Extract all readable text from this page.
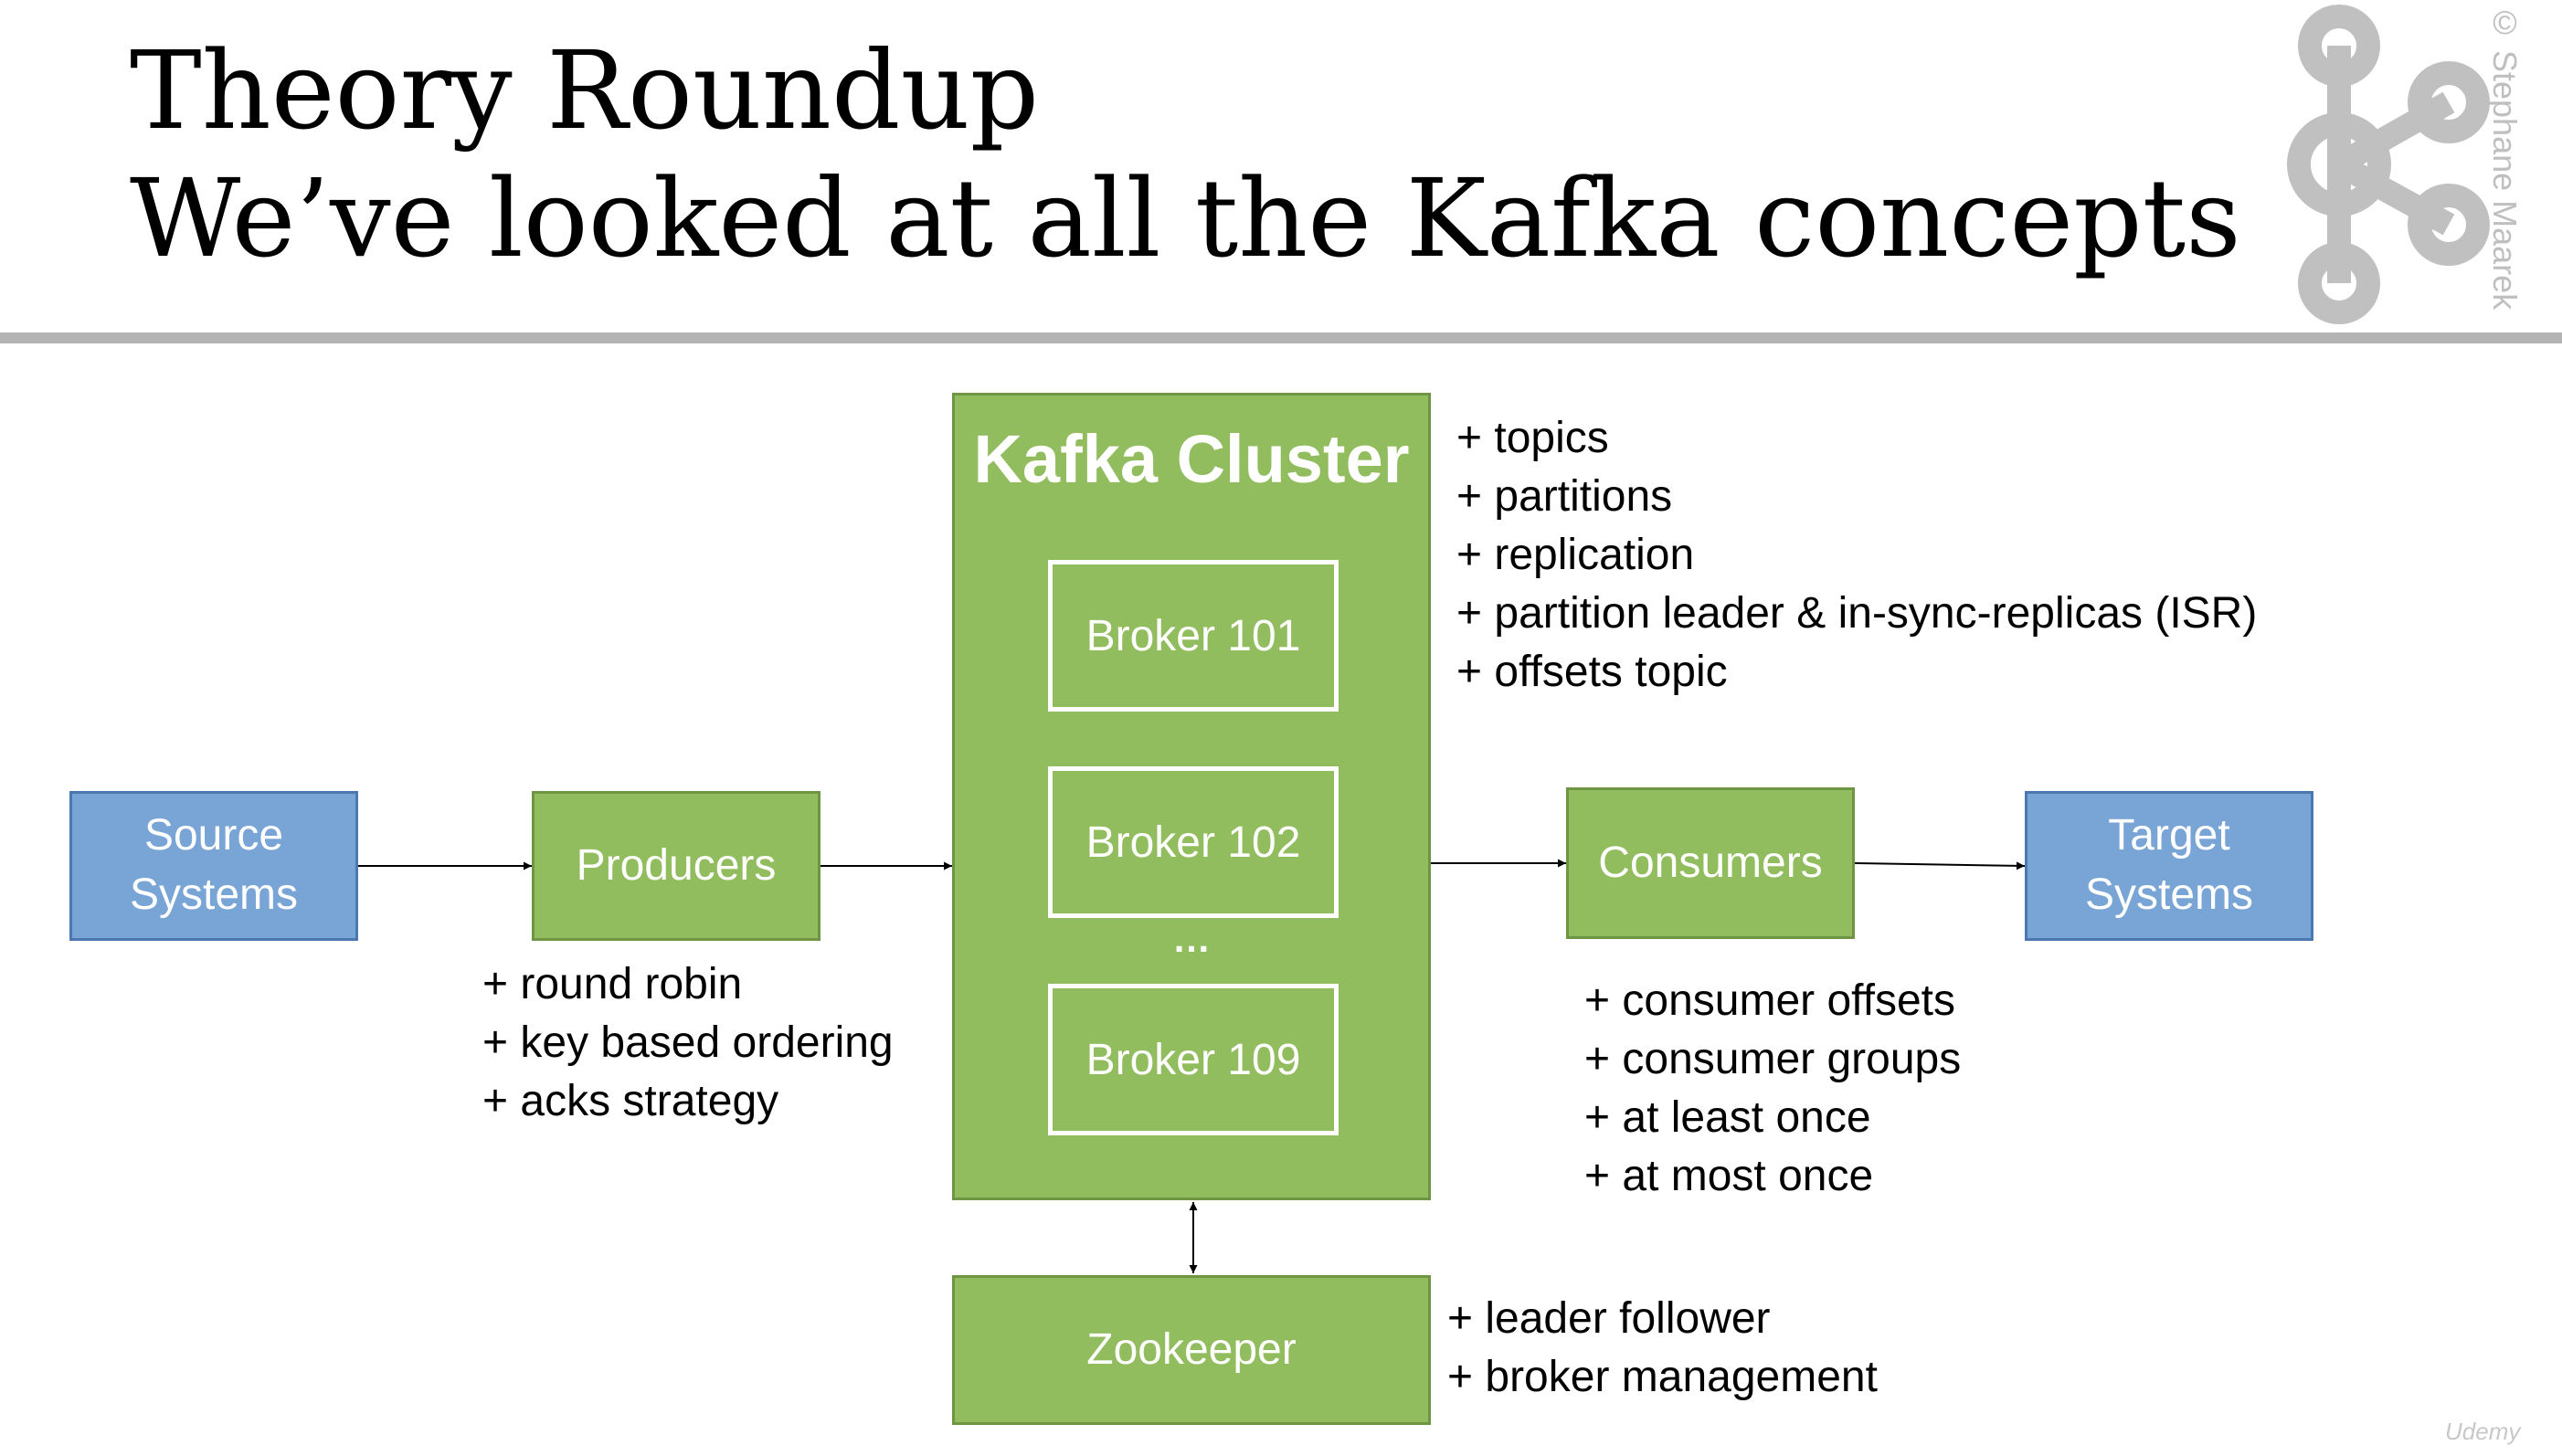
Theory Roundup
We’ve looked at all the Kafka concepts	© Stephane Maarek
Source Systems
Producers
Kafka Cluster
Broker 101
Broker 102
…
Broker 109
Consumers
Target Systems
Zookeeper
+ topics
+ partitions
+ replication
+ partition leader & in-sync-replicas (ISR)
+ offsets topic
+ round robin
+ key based ordering
+ acks strategy
+ consumer offsets
+ consumer groups
+ at least once
+ at most once
+ leader follower
+ broker management
Udemy
